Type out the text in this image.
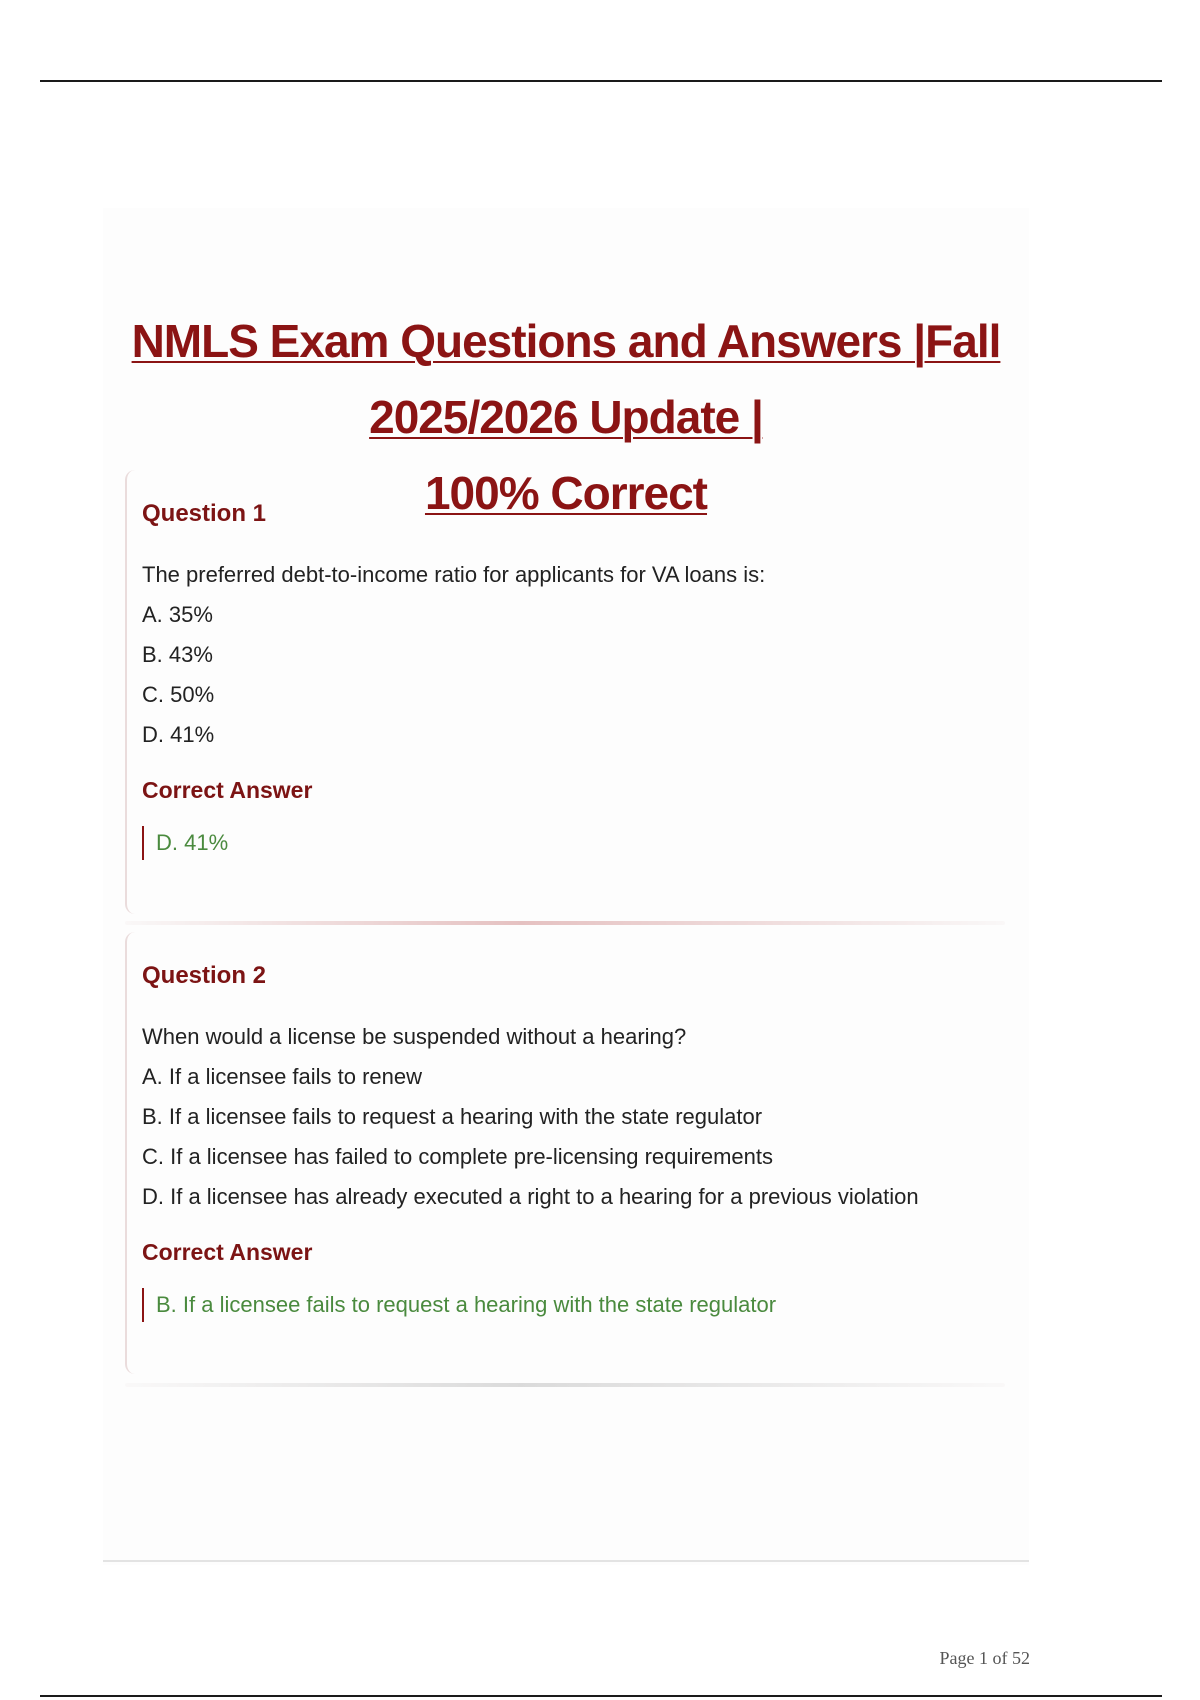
NMLS Exam Questions and Answers |Fall 2025/2026 Update |
100% Correct
Question 1
The preferred debt-to-income ratio for applicants for VA loans is:
A. 35%
B. 43%
C. 50%
D. 41%
Correct Answer
D. 41%
Question 2
When would a license be suspended without a hearing?
A. If a licensee fails to renew
B. If a licensee fails to request a hearing with the state regulator
C. If a licensee has failed to complete pre-licensing requirements
D. If a licensee has already executed a right to a hearing for a previous violation
Correct Answer
B. If a licensee fails to request a hearing with the state regulator
Page 1 of 52
